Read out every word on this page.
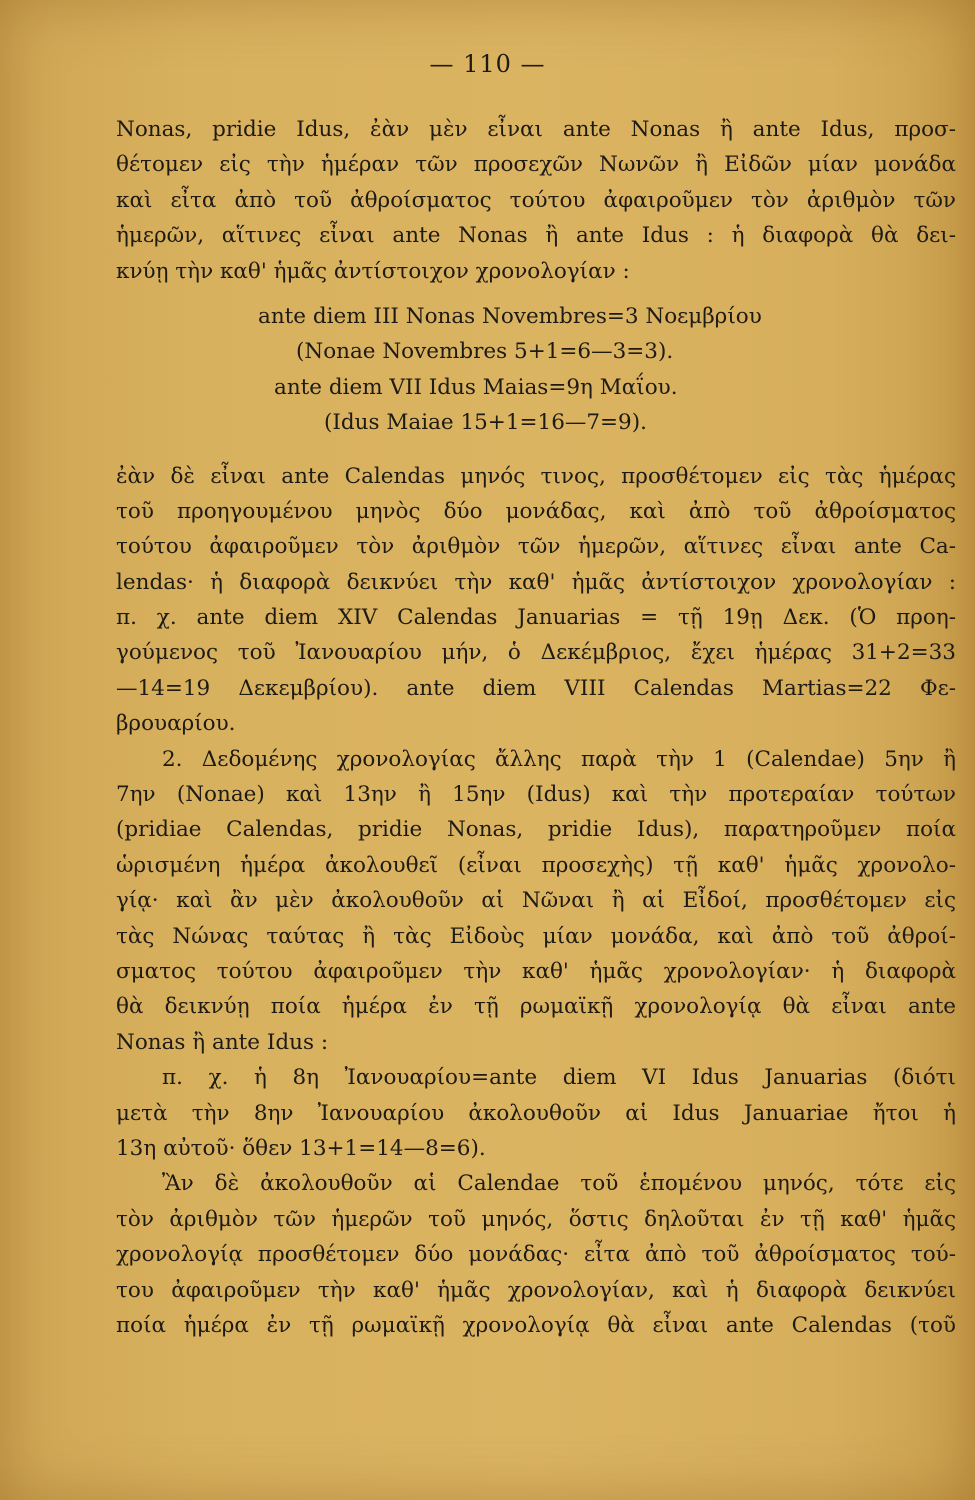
— 110 —
Nonas, pridie Idus, ἐὰν μὲν εἶναι ante Nonas ἢ ante Idus, προσ-
θέτομεν εἰς τὴν ἡμέραν τῶν προσεχῶν Νωνῶν ἢ Εἰδῶν μίαν μονάδα
καὶ εἶτα ἀπὸ τοῦ ἀθροίσματος τούτου ἀφαιροῦμεν τὸν ἀριθμὸν τῶν
ἡμερῶν, αἵτινες εἶναι ante Nonas ἢ ante Idus : ἡ διαφορὰ θὰ δει-
κνύῃ τὴν καθ' ἡμᾶς ἀντίστοιχον χρονολογίαν :
ante diem III Nonas Novembres=3 Νοεμβρίου
(Nonae Novembres 5+1=6—3=3).
ante diem VII Idus Maias=9η Μαΐου.
(Idus Maiae 15+1=16—7=9).
ἐὰν δὲ εἶναι ante Calendas μηνός τινος, προσθέτομεν εἰς τὰς ἡμέρας
τοῦ προηγουμένου μηνὸς δύο μονάδας, καὶ ἀπὸ τοῦ ἀθροίσματος
τούτου ἀφαιροῦμεν τὸν ἀριθμὸν τῶν ἡμερῶν, αἵτινες εἶναι ante Ca-
lendas· ἡ διαφορὰ δεικνύει τὴν καθ' ἡμᾶς ἀντίστοιχον χρονολογίαν :
π. χ. ante diem XIV Calendas Januarias = τῇ 19ῃ Δεκ. (Ὁ προη-
γούμενος τοῦ Ἰανουαρίου μήν, ὁ Δεκέμβριος, ἔχει ἡμέρας 31+2=33
—14=19 Δεκεμβρίου). ante diem VIII Calendas Martias=22 Φε-
βρουαρίου.
2. Δεδομένης χρονολογίας ἄλλης παρὰ τὴν 1 (Calendae) 5ην ἢ
7ην (Nonae) καὶ 13ην ἢ 15ην (Idus) καὶ τὴν προτεραίαν τούτων
(pridiae Calendas, pridie Nonas, pridie Idus), παρατηροῦμεν ποία
ὡρισμένη ἡμέρα ἀκολουθεῖ (εἶναι προσεχὴς) τῇ καθ' ἡμᾶς χρονολο-
γίᾳ· καὶ ἂν μὲν ἀκολουθοῦν αἱ Νῶναι ἢ αἱ Εἶδοί, προσθέτομεν εἰς
τὰς Νώνας ταύτας ἢ τὰς Εἰδοὺς μίαν μονάδα, καὶ ἀπὸ τοῦ ἀθροί-
σματος τούτου ἀφαιροῦμεν τὴν καθ' ἡμᾶς χρονολογίαν· ἡ διαφορὰ
θὰ δεικνύῃ ποία ἡμέρα ἐν τῇ ρωμαϊκῇ χρονολογίᾳ θὰ εἶναι ante
Nonas ἢ ante Idus :
π. χ. ἡ 8η Ἰανουαρίου=ante diem VI Idus Januarias (διότι
μετὰ τὴν 8ην Ἰανουαρίου ἀκολουθοῦν αἱ Idus Januariae ἤτοι ἡ
13η αὐτοῦ· ὅθεν 13+1=14—8=6).
Ἂν δὲ ἀκολουθοῦν αἱ Calendae τοῦ ἑπομένου μηνός, τότε εἰς
τὸν ἀριθμὸν τῶν ἡμερῶν τοῦ μηνός, ὅστις δηλοῦται ἐν τῇ καθ' ἡμᾶς
χρονολογίᾳ προσθέτομεν δύο μονάδας· εἶτα ἀπὸ τοῦ ἀθροίσματος τού-
του ἀφαιροῦμεν τὴν καθ' ἡμᾶς χρονολογίαν, καὶ ἡ διαφορὰ δεικνύει
ποία ἡμέρα ἐν τῇ ρωμαϊκῇ χρονολογίᾳ θὰ εἶναι ante Calendas (τοῦ
